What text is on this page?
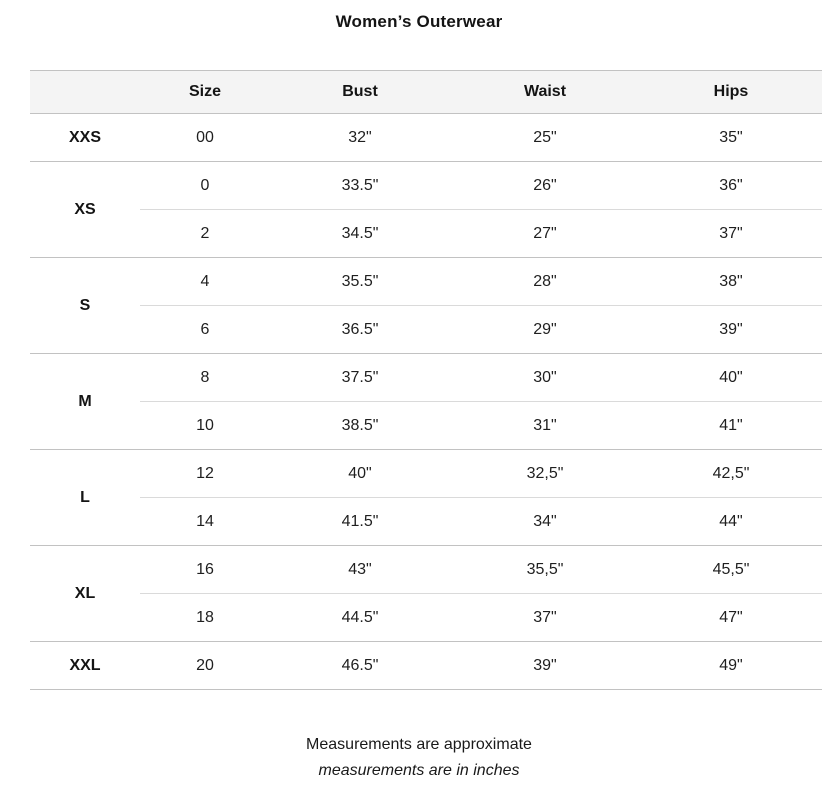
Women’s Outerwear
	Size	Bust	Waist	Hips
XXS	00	32"	25"	35"
XS	0	33.5"	26"	36"
	2	34.5"	27"	37"
S	4	35.5"	28"	38"
	6	36.5"	29"	39"
M	8	37.5"	30"	40"
	10	38.5"	31"	41"
L	12	40"	32,5"	42,5"
	14	41.5"	34"	44"
XL	16	43"	35,5"	45,5"
	18	44.5"	37"	47"
XXL	20	46.5"	39"	49"
Measurements are approximate
measurements are in inches
